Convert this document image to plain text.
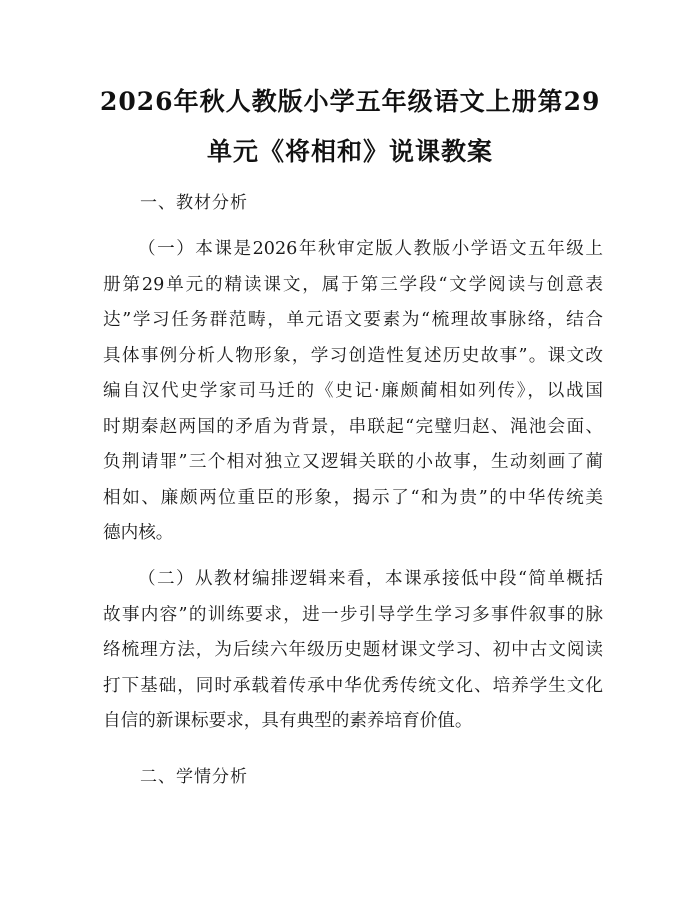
2026年秋人教版小学五年级语文上册第29
单元《将相和》说课教案
一、教材分析
（一）本课是2026年秋审定版人教版小学语文五年级上
册第29单元的精读课文，属于第三学段“文学阅读与创意表
达”学习任务群范畴，单元语文要素为“梳理故事脉络，结合
具体事例分析人物形象，学习创造性复述历史故事”。课文改
编自汉代史学家司马迁的《史记·廉颇蔺相如列传》，以战国
时期秦赵两国的矛盾为背景，串联起“完璧归赵、渑池会面、
负荆请罪”三个相对独立又逻辑关联的小故事，生动刻画了蔺
相如、廉颇两位重臣的形象，揭示了“和为贵”的中华传统美
德内核。
（二）从教材编排逻辑来看，本课承接低中段“简单概括
故事内容”的训练要求，进一步引导学生学习多事件叙事的脉
络梳理方法，为后续六年级历史题材课文学习、初中古文阅读
打下基础，同时承载着传承中华优秀传统文化、培养学生文化
自信的新课标要求，具有典型的素养培育价值。
二、学情分析
